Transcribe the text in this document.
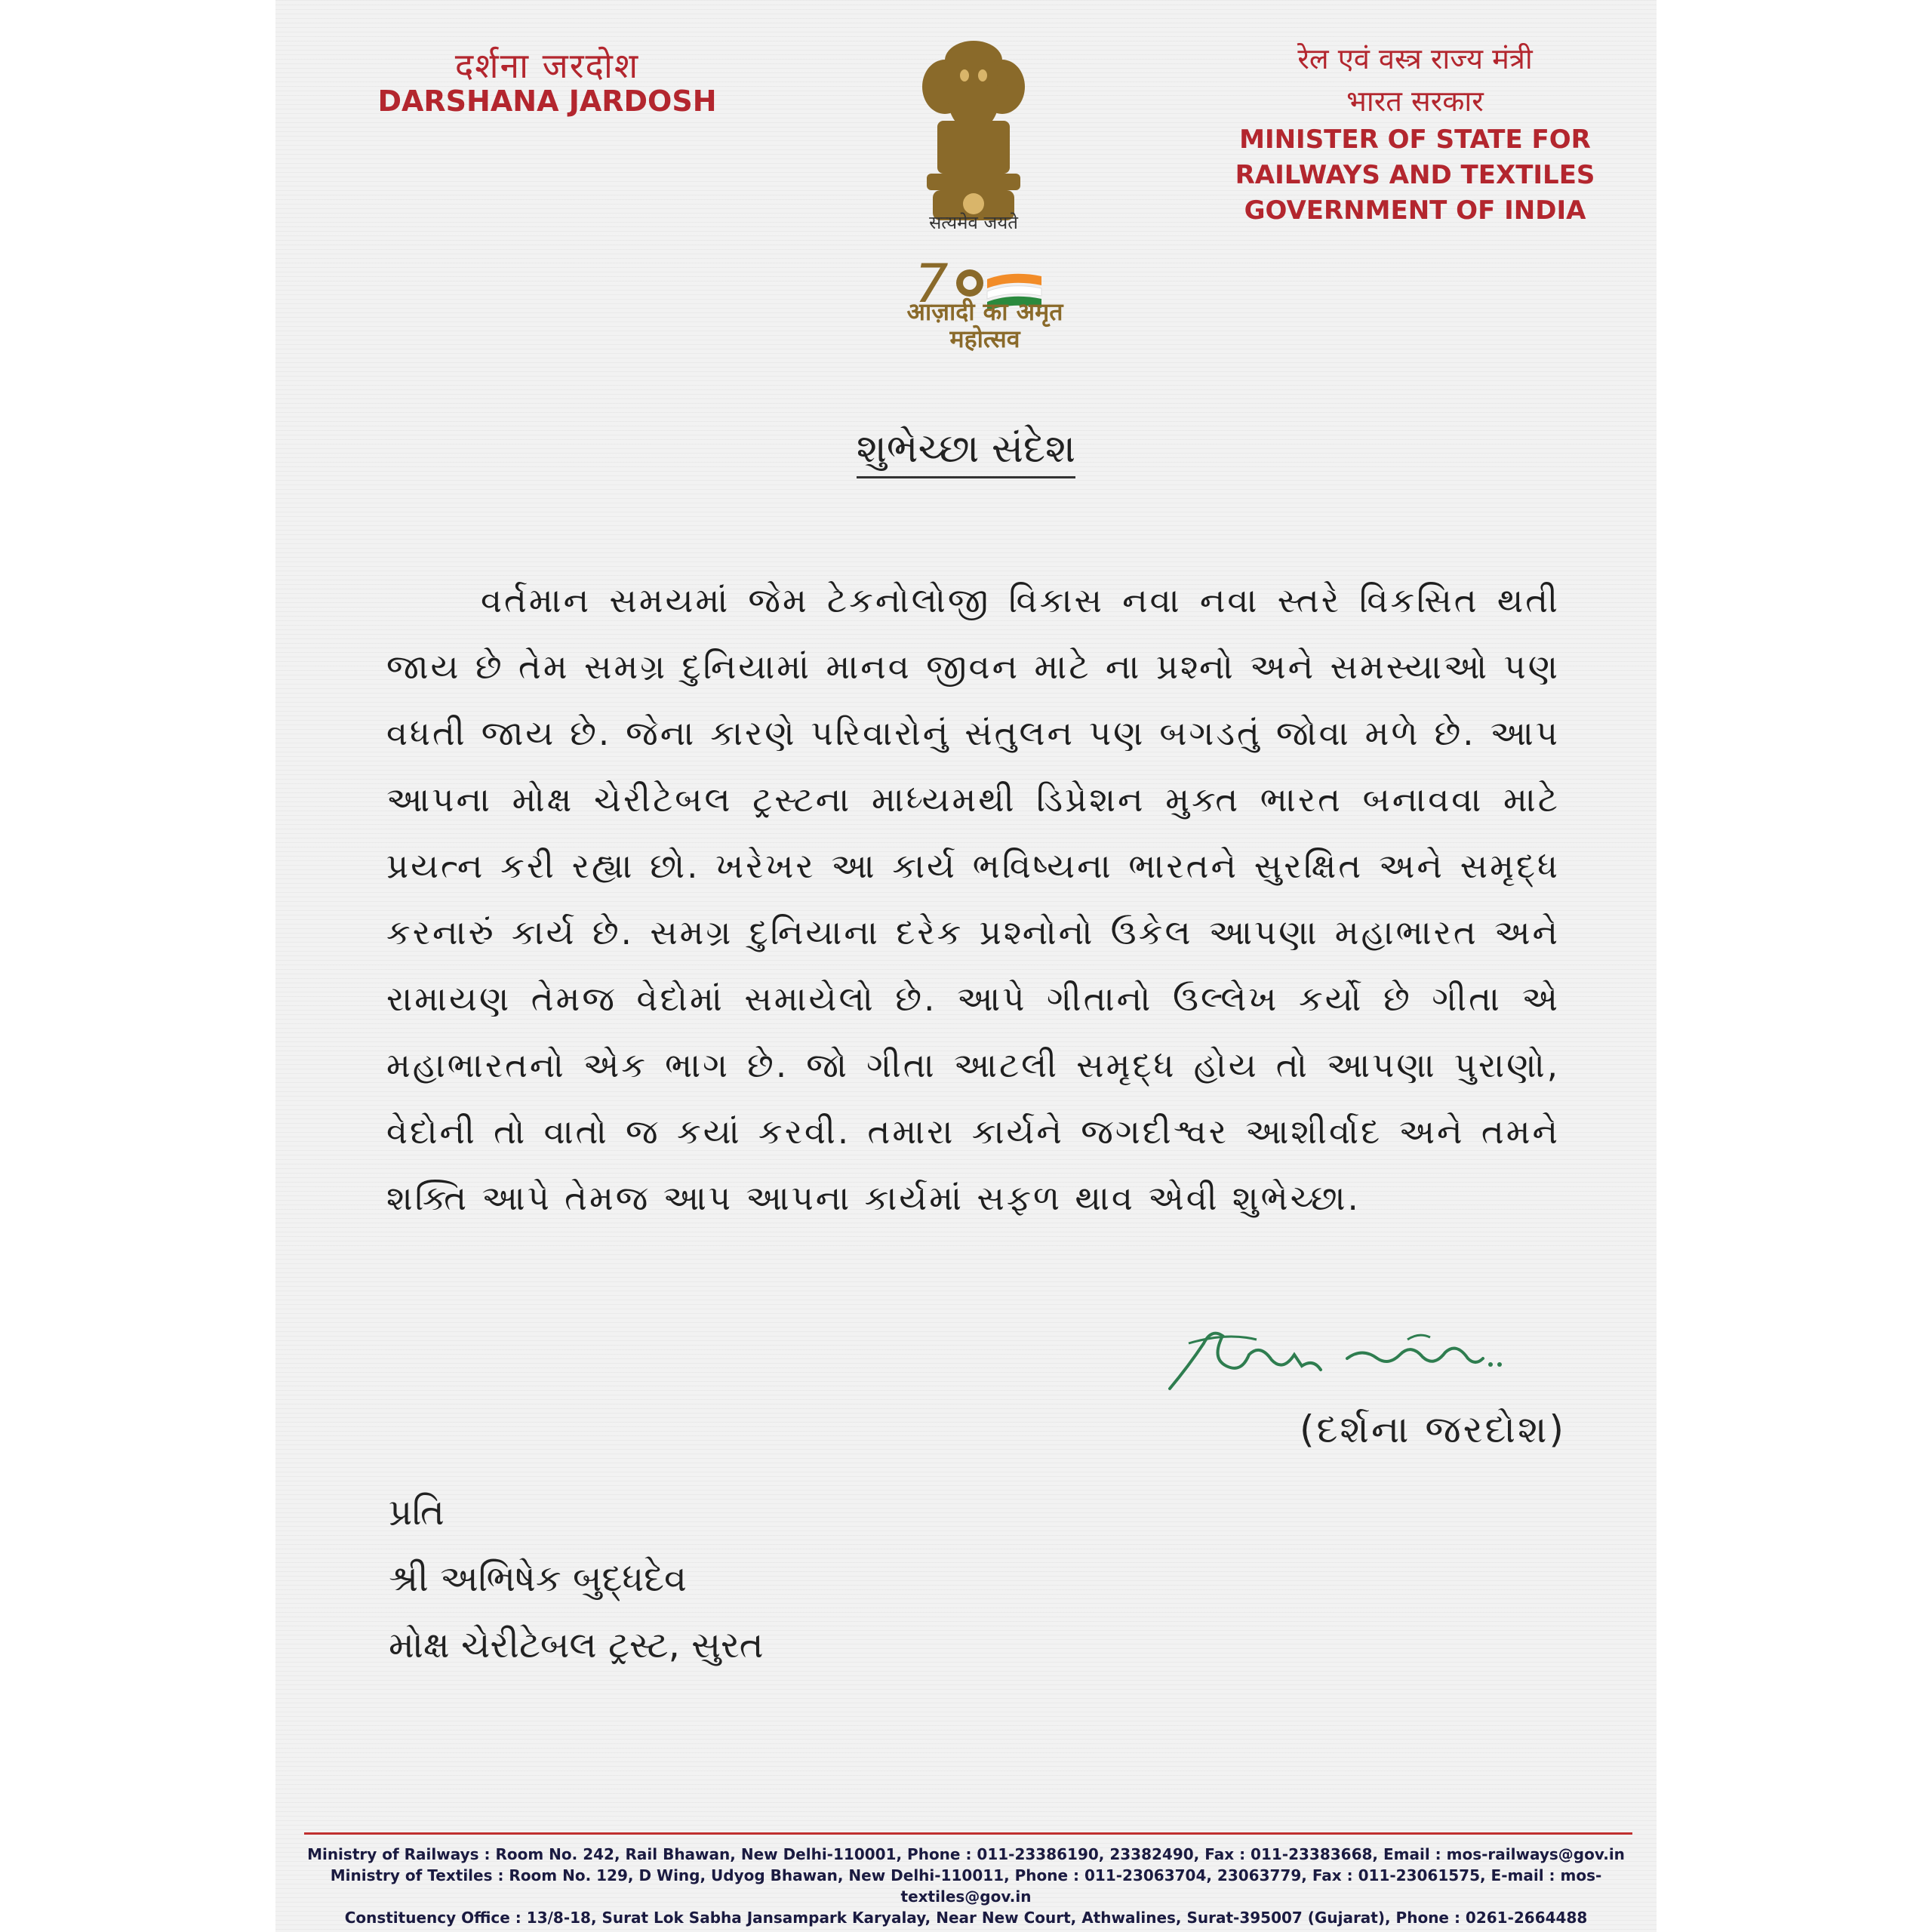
दर्शना जरदोश
DARSHANA JARDOSH
7
सत्यमेव जयते
आज़ादी का अमृत महोत्सव
रेल एवं वस्त्र राज्य मंत्री
भारत सरकार
MINISTER OF STATE FOR
RAILWAYS AND TEXTILES
GOVERNMENT OF INDIA
શુભેચ્છા સંદેશ
વર્તમાન સમયમાં જેમ ટેકનોલોજી વિકાસ નવા નવા સ્તરે વિકસિત થતી જાય છે તેમ સમગ્ર દુનિયામાં માનવ જીવન માટે ના પ્રશ્નો અને સમસ્યાઓ પણ વધતી જાય છે. જેના કારણે પરિવારોનું સંતુલન પણ બગડતું જોવા મળે છે. આપ આપના મોક્ષ ચેરીટેબલ ટ્રસ્ટના માધ્યમથી ડિપ્રેશન મુક્ત ભારત બનાવવા માટે પ્રયત્ન કરી રહ્યા છો. ખરેખર આ કાર્ય ભવિષ્યના ભારતને સુરક્ષિત અને સમૃદ્ધ કરનારું કાર્ય છે. સમગ્ર દુનિયાના દરેક પ્રશ્નોનો ઉકેલ આપણા મહાભારત અને રામાયણ તેમજ વેદોમાં સમાયેલો છે. આપે ગીતાનો ઉલ્લેખ કર્યો છે ગીતા એ મહાભારતનો એક ભાગ છે. જો ગીતા આટલી સમૃદ્ધ હોય તો આપણા પુરાણો, વેદોની તો વાતો જ કયાં કરવી. તમારા કાર્યને જગદીશ્વર આશીર્વાદ અને તમને શક્તિ આપે તેમજ આપ આપના કાર્યમાં સફળ થાવ એવી શુભેચ્છા.
(દર્શના જરદોશ)
પ્રતિ
શ્રી અભિષેક બુદ્ધદેવ
મોક્ષ ચેરીટેબલ ટ્રસ્ટ, સુરત
Ministry of Railways : Room No. 242, Rail Bhawan, New Delhi-110001, Phone : 011-23386190, 23382490, Fax : 011-23383668, Email : mos-railways@gov.in
Ministry of Textiles : Room No. 129, D Wing, Udyog Bhawan, New Delhi-110011, Phone : 011-23063704, 23063779, Fax : 011-23061575, E-mail : mos-textiles@gov.in
Constituency Office : 13/8-18, Surat Lok Sabha Jansampark Karyalay, Near New Court, Athwalines, Surat-395007 (Gujarat), Phone : 0261-2664488
